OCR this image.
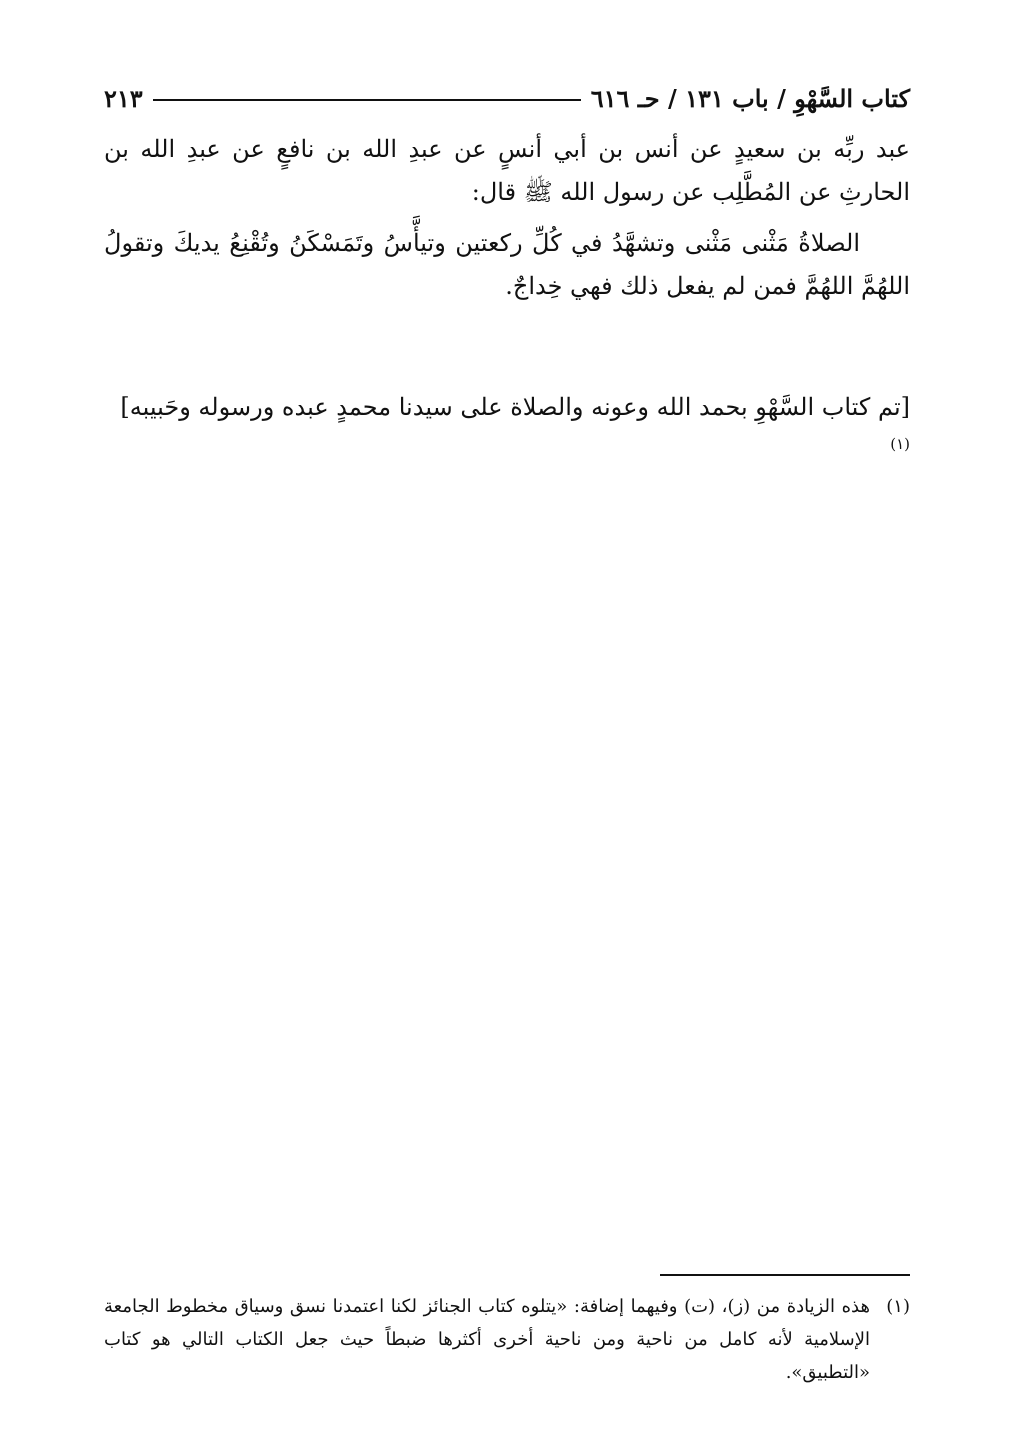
٢١٣	كتاب السَّهْوِ / باب ١٣١ / حـ ٦١٦

عبد ربِّه بن سعيدٍ عن أنس بن أبي أنسٍ عن عبدِ الله بن نافعٍ عن عبدِ الله بن الحارثِ عن المُطَّلِب عن رسول الله ﷺ قال:

الصلاةُ مَثْنى مَثْنى وتشهَّدُ في كُلِّ ركعتين وتيأَّسُ وتَمَسْكَنُ وتُقْنِعُ يديكَ وتقولُ اللهُمَّ اللهُمَّ فمن لم يفعل ذلك فهي خِداجٌ.

[تم كتاب السَّهْوِ بحمد الله وعونه والصلاة على سيدنا محمدٍ عبده ورسوله وحَبيبه]$^{(١)}$

(١)هذه الزيادة من (ز)، (ت) وفيهما إضافة: «يتلوه كتاب الجنائز لكنا اعتمدنا نسق وسياق مخطوط الجامعة الإسلامية لأنه كامل من ناحية ومن ناحية أخرى أكثرها ضبطاً حيث جعل الكتاب التالي هو كتاب «التطبيق».
